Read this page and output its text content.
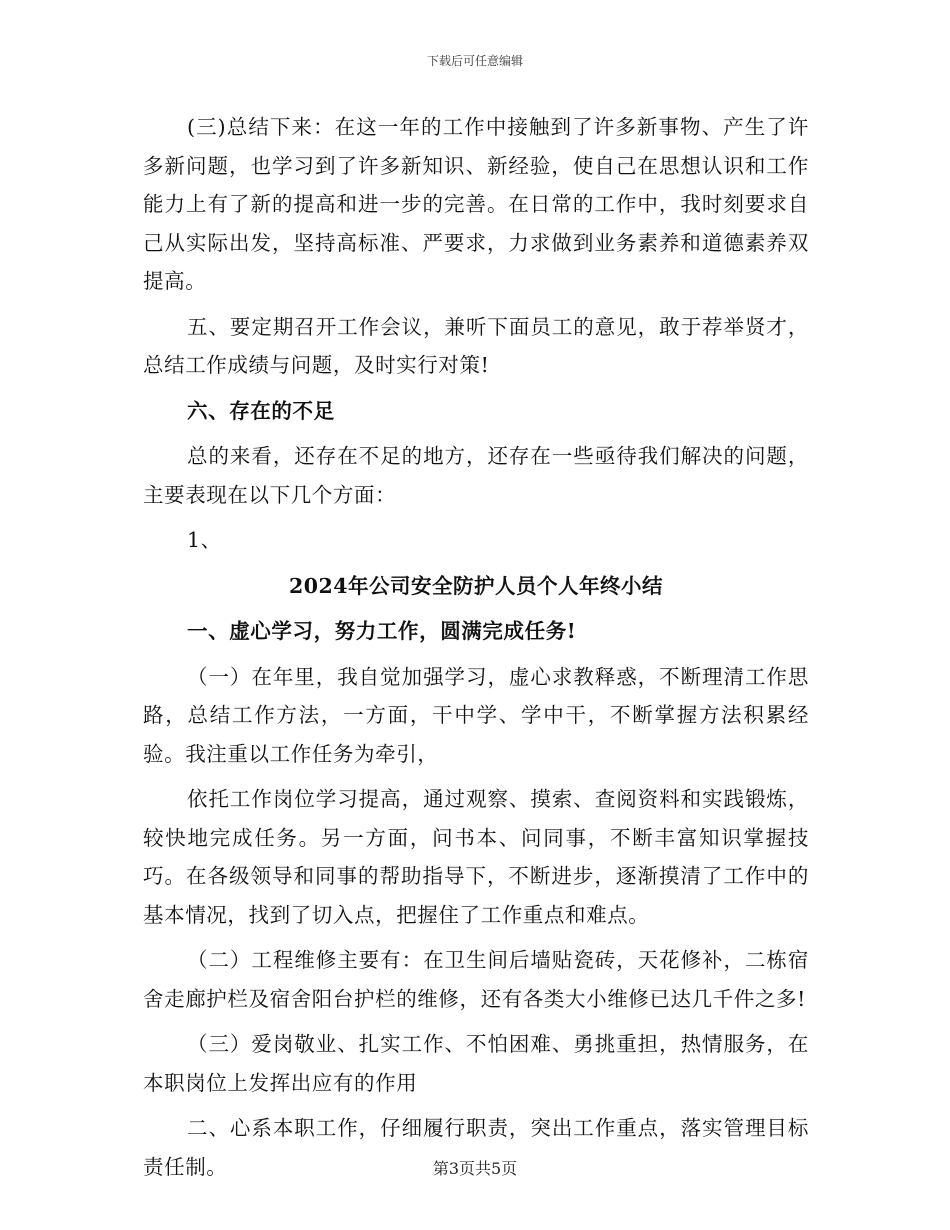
下载后可任意编辑

(三)总结下来：在这一年的工作中接触到了许多新事物、产生了许多新问题，也学习到了许多新知识、新经验，使自己在思想认识和工作能力上有了新的提高和进一步的完善。在日常的工作中，我时刻要求自己从实际出发，坚持高标准、严要求，力求做到业务素养和道德素养双提高。

五、要定期召开工作会议，兼听下面员工的意见，敢于荐举贤才，总结工作成绩与问题，及时实行对策!

六、存在的不足

总的来看，还存在不足的地方，还存在一些亟待我们解决的问题，主要表现在以下几个方面：

1、

2024年公司安全防护人员个人年终小结

一、虚心学习，努力工作，圆满完成任务!

（一）在年里，我自觉加强学习，虚心求教释惑，不断理清工作思路，总结工作方法，一方面，干中学、学中干，不断掌握方法积累经验。我注重以工作任务为牵引，

依托工作岗位学习提高，通过观察、摸索、查阅资料和实践锻炼，较快地完成任务。另一方面，问书本、问同事，不断丰富知识掌握技巧。在各级领导和同事的帮助指导下，不断进步，逐渐摸清了工作中的基本情况，找到了切入点，把握住了工作重点和难点。

（二）工程维修主要有：在卫生间后墙贴瓷砖，天花修补，二栋宿舍走廊护栏及宿舍阳台护栏的维修，还有各类大小维修已达几千件之多!

（三）爱岗敬业、扎实工作、不怕困难、勇挑重担，热情服务，在本职岗位上发挥出应有的作用

二、心系本职工作，仔细履行职责，突出工作重点，落实管理目标责任制。	第3页共5页
